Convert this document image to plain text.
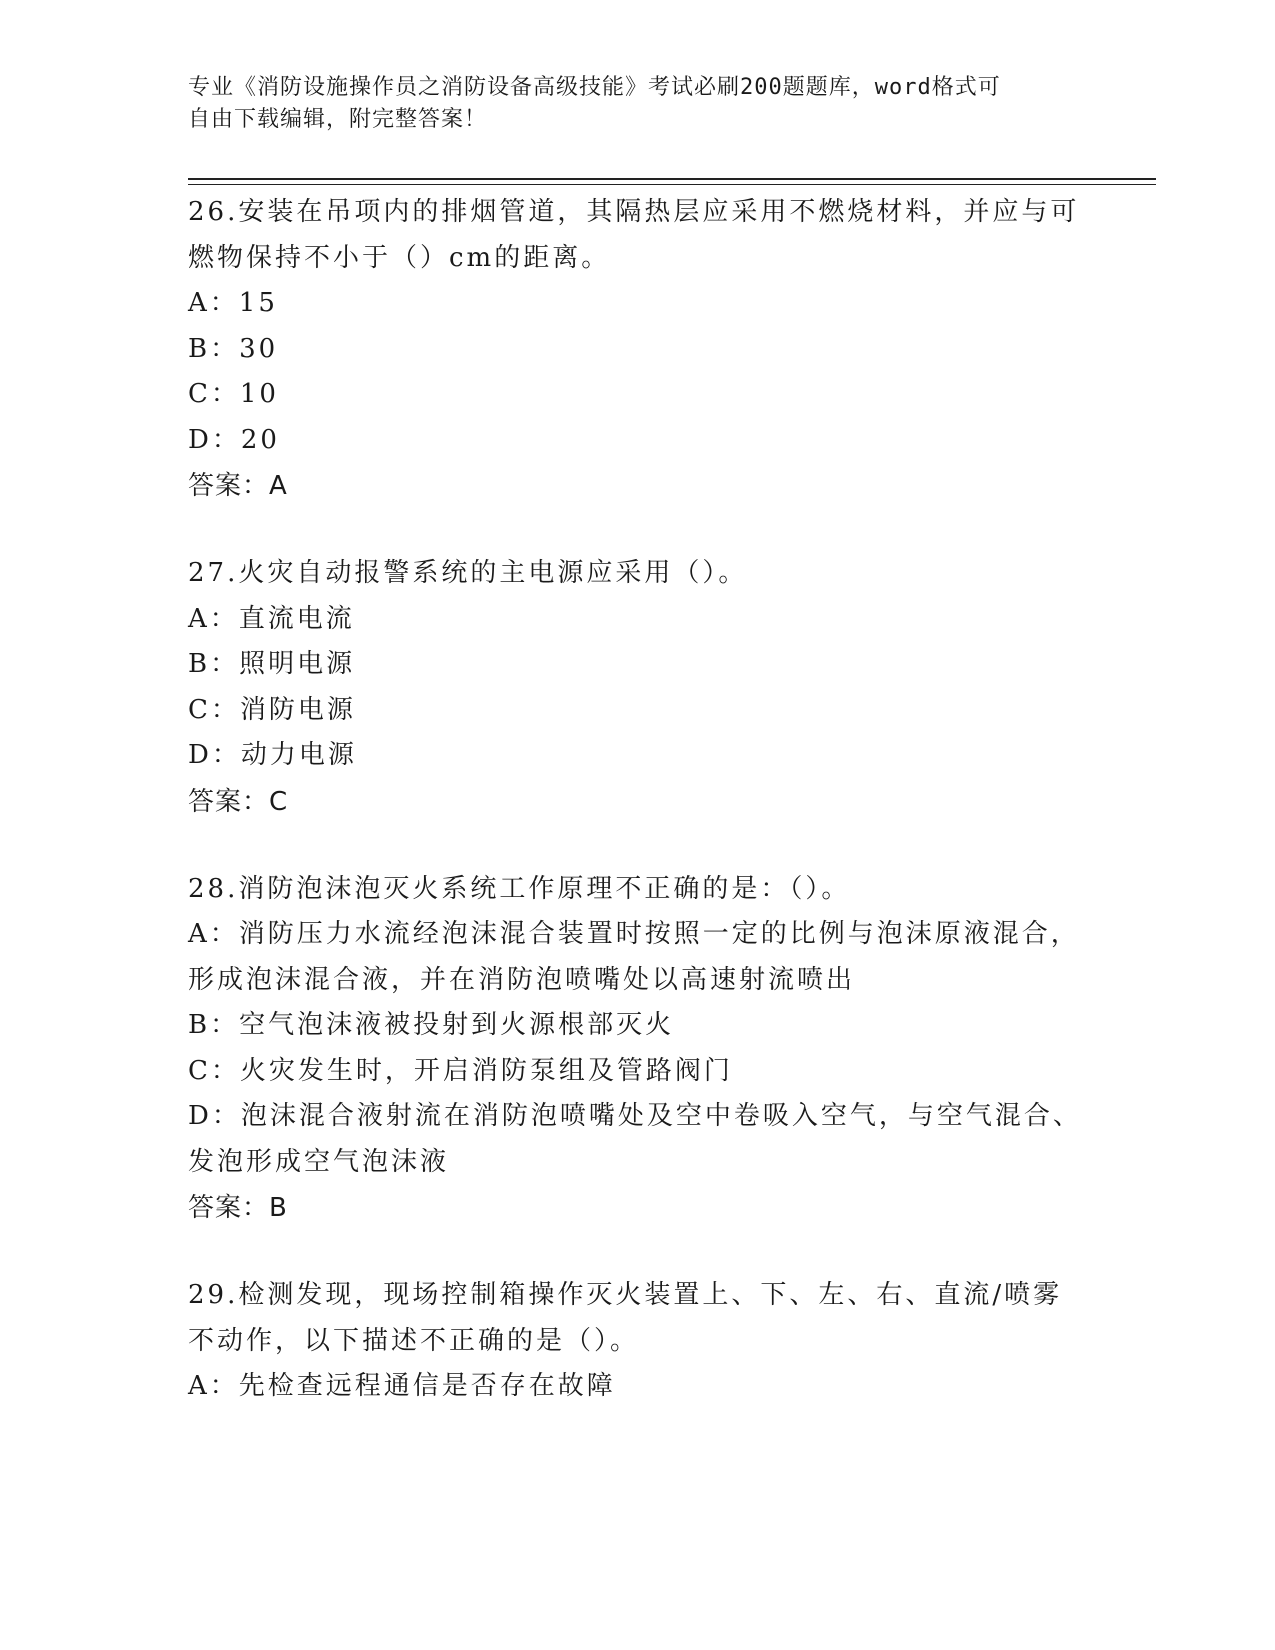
专业《消防设施操作员之消防设备高级技能》考试必刷200题题库，word格式可
自由下载编辑，附完整答案！
26.安装在吊项内的排烟管道，其隔热层应采用不燃烧材料，并应与可
燃物保持不小于（）cm的距离。
A：15
B：30
C：10
D：20
答案：A
27.火灾自动报警系统的主电源应采用（）。
A：直流电流
B：照明电源
C：消防电源
D：动力电源
答案：C
28.消防泡沫泡灭火系统工作原理不正确的是：（）。
A：消防压力水流经泡沫混合装置时按照一定的比例与泡沫原液混合，
形成泡沫混合液，并在消防泡喷嘴处以高速射流喷出
B：空气泡沫液被投射到火源根部灭火
C：火灾发生时，开启消防泵组及管路阀门
D：泡沫混合液射流在消防泡喷嘴处及空中卷吸入空气，与空气混合、
发泡形成空气泡沫液
答案：B
29.检测发现，现场控制箱操作灭火装置上、下、左、右、直流/喷雾
不动作，以下描述不正确的是（）。
A：先检查远程通信是否存在故障
